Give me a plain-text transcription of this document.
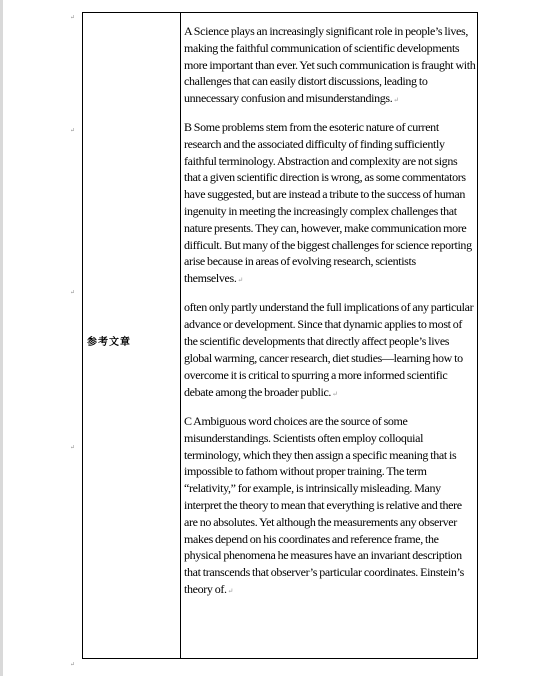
↵
↵
↵
↵
↵
参考文章

A Science plays an increasingly significant role in people’s lives, making the faithful communication of scientific developments more important than ever. Yet such communication is fraught with challenges that can easily distort discussions, leading to unnecessary confusion and misunderstandings.↵

B Some problems stem from the esoteric nature of current research and the associated difficulty of finding sufficiently faithful terminology. Abstraction and complexity are not signs that a given scientific direction is wrong, as some commentators have suggested, but are instead a tribute to the success of human ingenuity in meeting the increasingly complex challenges that nature presents. They can, however, make communication more difficult. But many of the biggest challenges for science reporting arise because in areas of evolving research, scientists themselves.↵

often only partly understand the full implications of any particular advance or development. Since that dynamic applies to most of the scientific developments that directly affect people’s lives global warming, cancer research, diet studies—learning how to overcome it is critical to spurring a more informed scientific debate among the broader public.↵

C Ambiguous word choices are the source of some misunderstandings. Scientists often employ colloquial terminology, which they then assign a specific meaning that is impossible to fathom without proper training. The term “relativity,” for example, is intrinsically misleading. Many interpret the theory to mean that everything is relative and there are no absolutes. Yet although the measurements any observer makes depend on his coordinates and reference frame, the physical phenomena he measures have an invariant description that transcends that observer’s particular coordinates. Einstein’s theory of.↵
